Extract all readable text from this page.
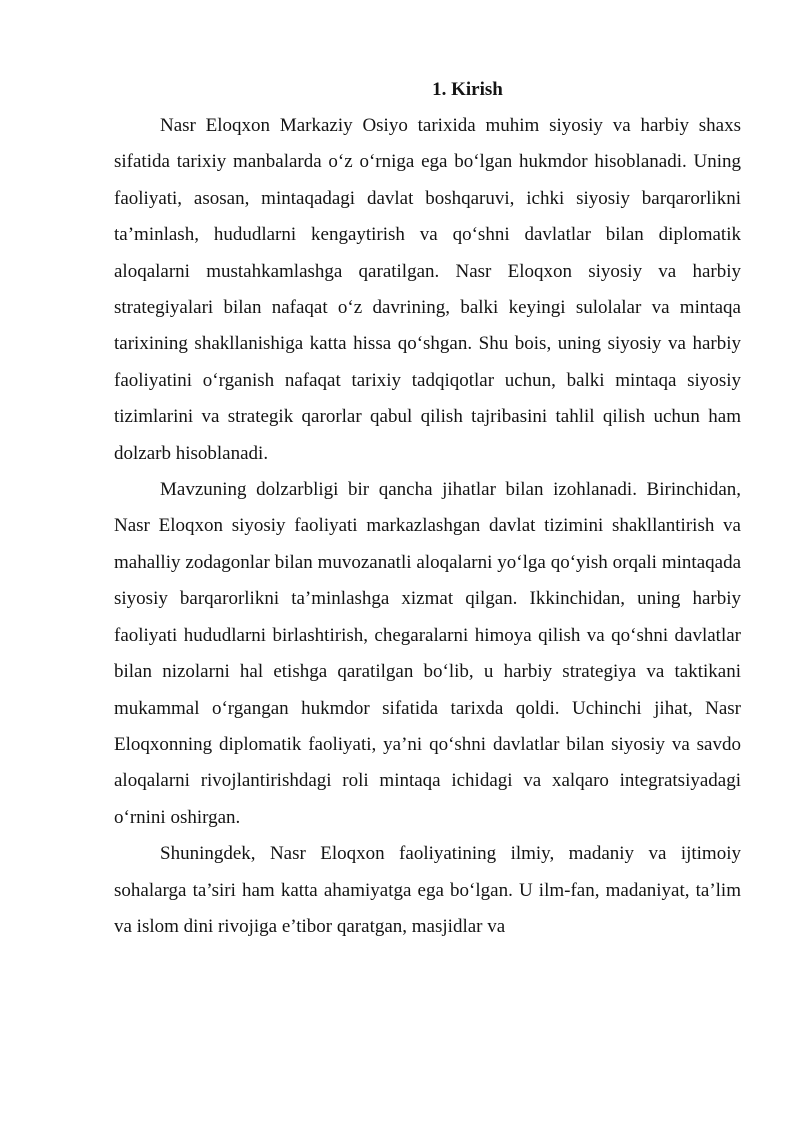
1. Kirish

Nasr Eloqxon Markaziy Osiyo tarixida muhim siyosiy va harbiy shaxs sifatida tarixiy manbalarda o‘z o‘rniga ega bo‘lgan hukmdor hisoblanadi. Uning faoliyati, asosan, mintaqadagi davlat boshqaruvi, ichki siyosiy barqarorlikni ta’minlash, hududlarni kengaytirish va qo‘shni davlatlar bilan diplomatik aloqalarni mustahkamlashga qaratilgan. Nasr Eloqxon siyosiy va harbiy strategiyalari bilan nafaqat o‘z davrining, balki keyingi sulolalar va mintaqa tarixining shakllanishiga katta hissa qo‘shgan. Shu bois, uning siyosiy va harbiy faoliyatini o‘rganish nafaqat tarixiy tadqiqotlar uchun, balki mintaqa siyosiy tizimlarini va strategik qarorlar qabul qilish tajribasini tahlil qilish uchun ham dolzarb hisoblanadi.

Mavzuning dolzarbligi bir qancha jihatlar bilan izohlanadi. Birinchidan, Nasr Eloqxon siyosiy faoliyati markazlashgan davlat tizimini shakllantirish va mahalliy zodagonlar bilan muvozanatli aloqalarni yo‘lga qo‘yish orqali mintaqada siyosiy barqarorlikni ta’minlashga xizmat qilgan. Ikkinchidan, uning harbiy faoliyati hududlarni birlashtirish, chegaralarni himoya qilish va qo‘shni davlatlar bilan nizolarni hal etishga qaratilgan bo‘lib, u harbiy strategiya va taktikani mukammal o‘rgangan hukmdor sifatida tarixda qoldi. Uchinchi jihat, Nasr Eloqxonning diplomatik faoliyati, ya’ni qo‘shni davlatlar bilan siyosiy va savdo aloqalarni rivojlantirishdagi roli mintaqa ichidagi va xalqaro integratsiyadagi o‘rnini oshirgan.

Shuningdek, Nasr Eloqxon faoliyatining ilmiy, madaniy va ijtimoiy sohalarga ta’siri ham katta ahamiyatga ega bo‘lgan. U ilm-fan, madaniyat, ta’lim va islom dini rivojiga e’tibor qaratgan, masjidlar va
